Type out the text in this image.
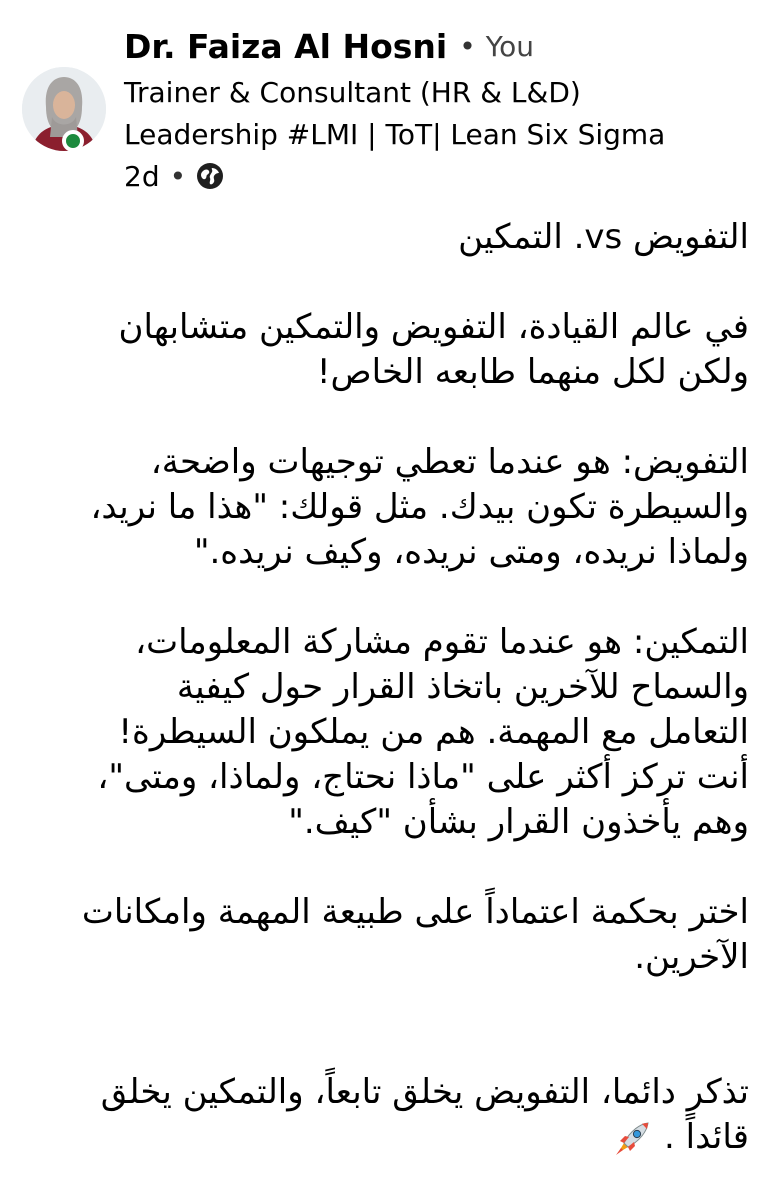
Dr. Faiza Al Hosni • You
Trainer & Consultant (HR & L&D)
Leadership #LMI | ToT| Lean Six Sigma
2d •

التفويض vs. التمكين

في عالم القيادة، التفويض والتمكين متشابهان

ولكن لكل منهما طابعه الخاص!

التفويض: هو عندما تعطي توجيهات واضحة،

والسيطرة تكون بيدك. مثل قولك: "هذا ما نريد،

ولماذا نريده، ومتى نريده، وكيف نريده."

التمكين: هو عندما تقوم مشاركة المعلومات،

والسماح للآخرين باتخاذ القرار حول كيفية

التعامل مع المهمة. هم من يملكون السيطرة!

أنت تركز أكثر على "ماذا نحتاج، ولماذا، ومتى"،

وهم يأخذون القرار بشأن "كيف."

اختر بحكمة اعتماداً على طبيعة المهمة وامكانات

الآخرين.

تذكر دائما، التفويض يخلق تابعاً، والتمكين يخلق

قائداً .
